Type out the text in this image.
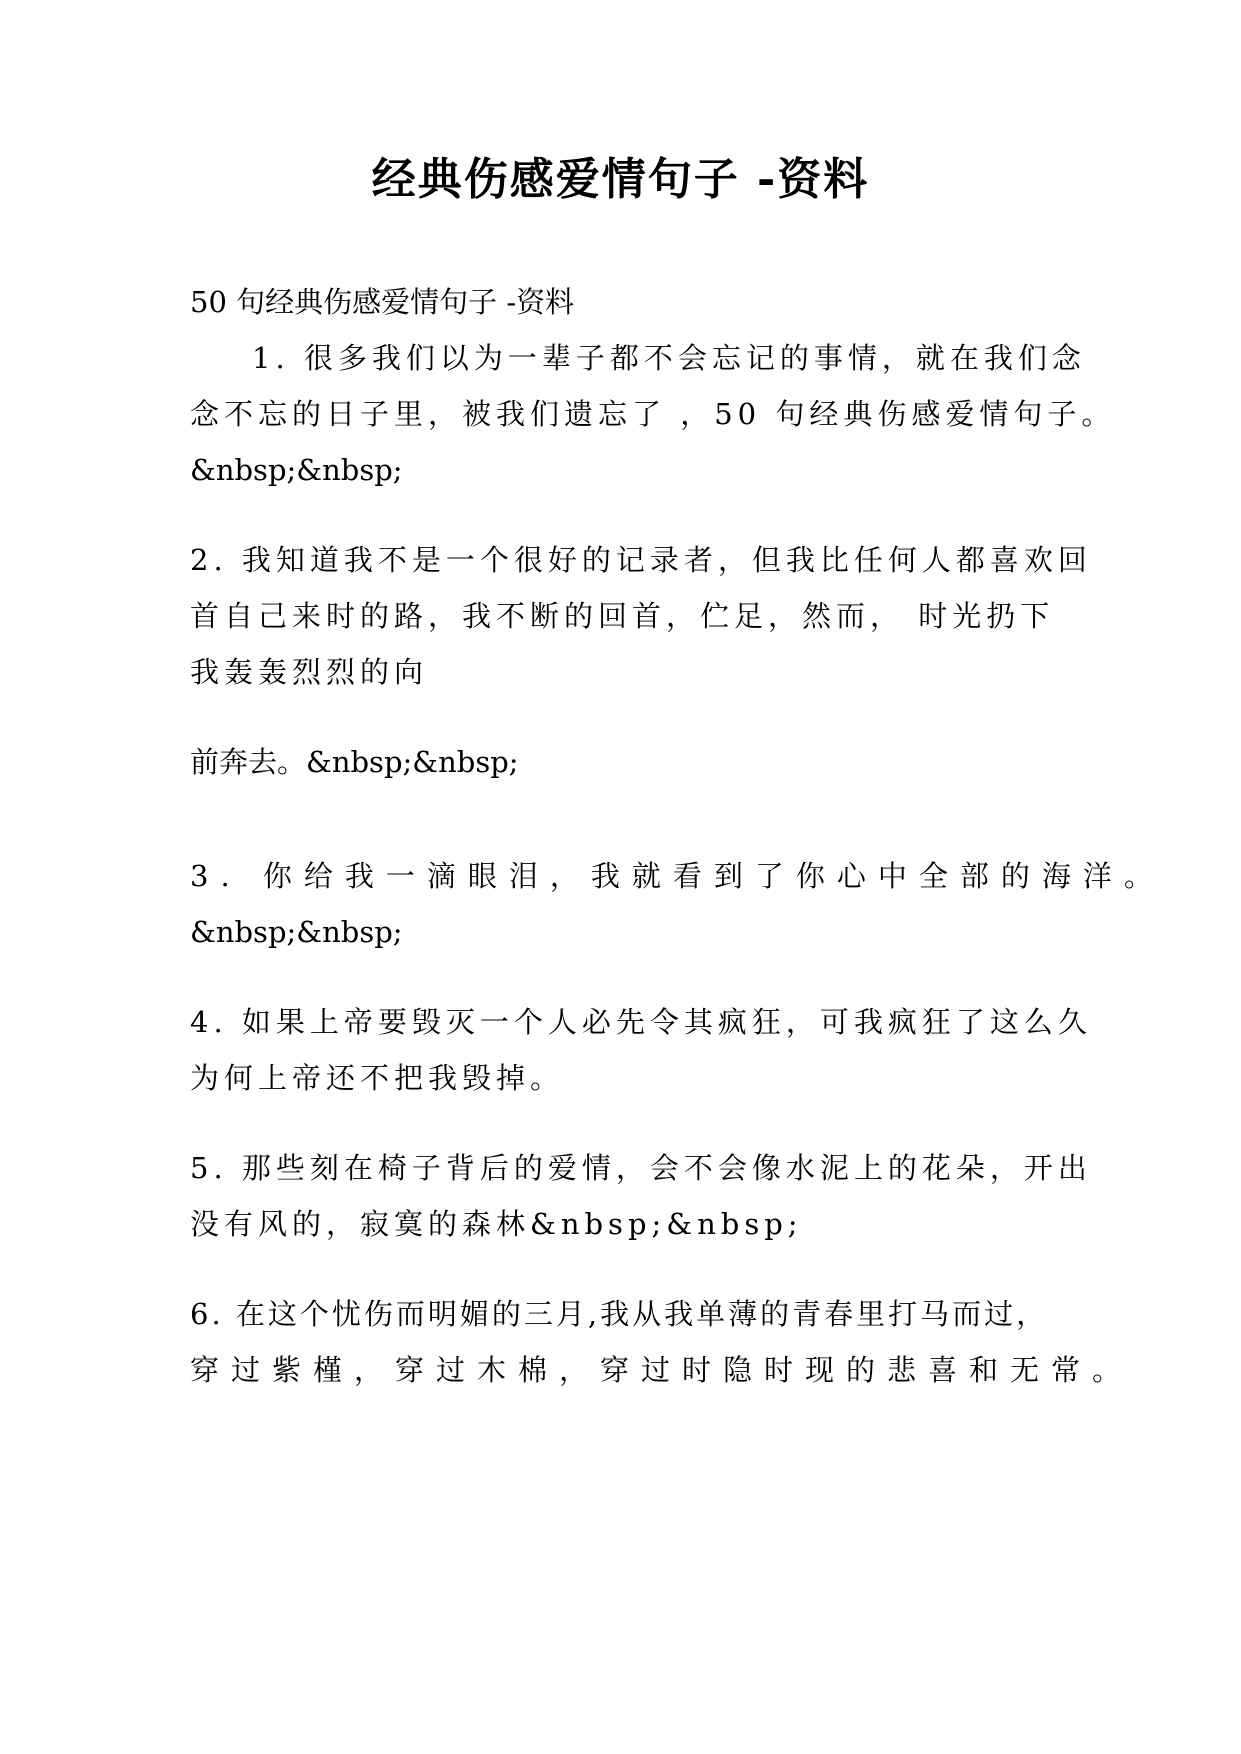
经典伤感爱情句子 -资料

50 句经典伤感爱情句子 -资料

1. 很多我们以为一辈子都不会忘记的事情，就在我们念

念不忘的日子里，被我们遗忘了 ，50 句经典伤感爱情句子。

&nbsp;&nbsp;

2. 我知道我不是一个很好的记录者，但我比任何人都喜欢回

首自己来时的路，我不断的回首，伫足，然而， 时光扔下

我轰轰烈烈的向

前奔去。&nbsp;&nbsp;

3. 你给我一滴眼泪，我就看到了你心中全部的海洋。

&nbsp;&nbsp;

4. 如果上帝要毁灭一个人必先令其疯狂，可我疯狂了这么久

为何上帝还不把我毁掉。

5. 那些刻在椅子背后的爱情，会不会像水泥上的花朵，开出

没有风的，寂寞的森林&nbsp;&nbsp;

6. 在这个忧伤而明媚的三月,我从我单薄的青春里打马而过，

穿过紫槿，穿过木棉，穿过时隐时现的悲喜和无常。
